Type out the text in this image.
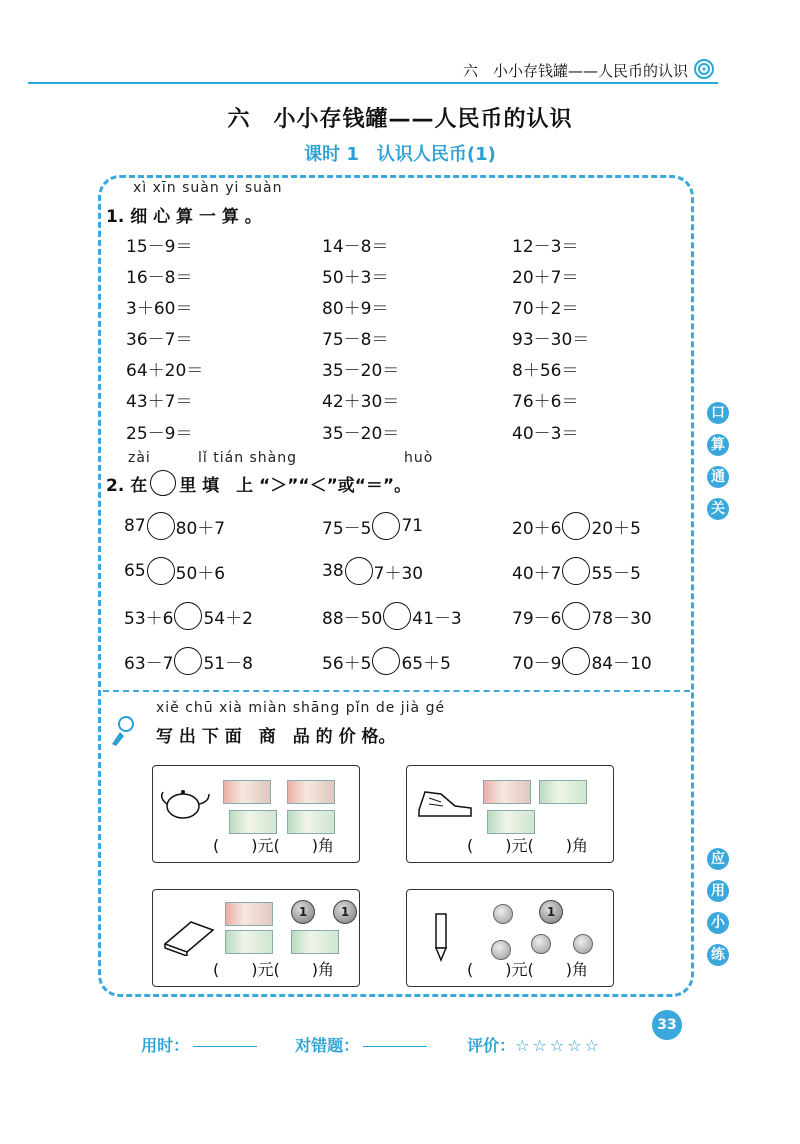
六　小小存钱罐——人民币的认识
六　小小存钱罐——人民币的认识
课时 1　认识人民币(1)
xì xīn suàn yi suàn
1. 细 心 算 一 算 。
15－9＝	14－8＝	12－3＝
16－8＝	50＋3＝	20＋7＝
3＋60＝	80＋9＝	70＋2＝
36－7＝	75－8＝	93－30＝
64＋20＝	35－20＝	8＋56＝
43＋7＝	42＋30＝	76＋6＝
25－9＝	35－20＝	40－3＝
zài	lǐ tián shàng	huò
2. 在 里 填　上 “＞”“＜”或“＝”。
87 80＋7	75－5 71	20＋6 20＋5
65 50＋6	38 7＋30	40＋7 55－5
53＋6 54＋2	88－50 41－3	79－6 78－30
63－7 51－8	56＋5 65＋5	70－9 84－10
xiě chū xià miàn shāng pǐn de jià gé
写 出 下 面　商　品 的 价 格。
(　　)元(　　)角	(　　)元(　　)角
1	1
(　　)元(　　)角
1
(　　)元(　　)角
口
算
通
关
应
用
小
练

用时：	对错题：	评价：☆☆☆☆☆

33
